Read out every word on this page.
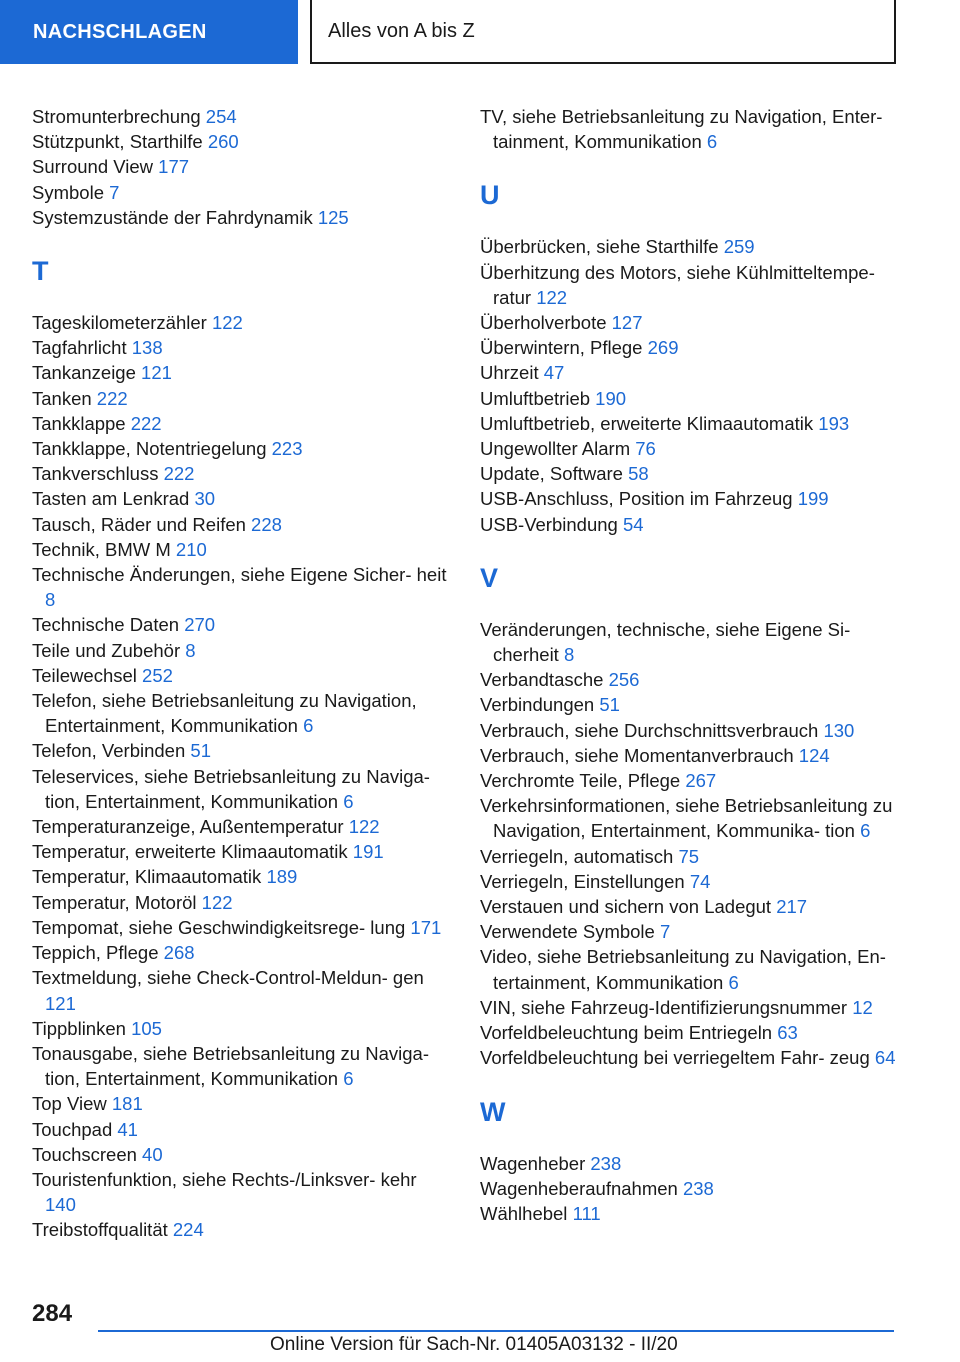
NACHSCHLAGEN	Alles von A bis Z
Stromunterbrechung 254
Stützpunkt, Starthilfe 260
Surround View 177
Symbole 7
Systemzustände der Fahrdynamik 125
T
Tageskilometerzähler 122
Tagfahrlicht 138
Tankanzeige 121
Tanken 222
Tankklappe 222
Tankklappe, Notentriegelung 223
Tankverschluss 222
Tasten am Lenkrad 30
Tausch, Räder und Reifen 228
Technik, BMW M 210
Technische Änderungen, siehe Eigene Sicher‐ heit 8
Technische Daten 270
Teile und Zubehör 8
Teilewechsel 252
Telefon, siehe Betriebsanleitung zu Navigation, Entertainment, Kommunikation 6
Telefon, Verbinden 51
Teleservices, siehe Betriebsanleitung zu Naviga‐ tion, Entertainment, Kommunikation 6
Temperaturanzeige, Außentemperatur 122
Temperatur, erweiterte Klimaautomatik 191
Temperatur, Klimaautomatik 189
Temperatur, Motoröl 122
Tempomat, siehe Geschwindigkeitsrege‐ lung 171
Teppich, Pflege 268
Textmeldung, siehe Check-Control-Meldun‐ gen 121
Tippblinken 105
Tonausgabe, siehe Betriebsanleitung zu Naviga‐ tion, Entertainment, Kommunikation 6
Top View 181
Touchpad 41
Touchscreen 40
Touristenfunktion, siehe Rechts-/Linksver‐ kehr 140
Treibstoffqualität 224
TV, siehe Betriebsanleitung zu Navigation, Enter‐ tainment, Kommunikation 6
U
Überbrücken, siehe Starthilfe 259
Überhitzung des Motors, siehe Kühlmitteltempe‐ ratur 122
Überholverbote 127
Überwintern, Pflege 269
Uhrzeit 47
Umluftbetrieb 190
Umluftbetrieb, erweiterte Klimaautomatik 193
Ungewollter Alarm 76
Update, Software 58
USB-Anschluss, Position im Fahrzeug 199
USB-Verbindung 54
V
Veränderungen, technische, siehe Eigene Si‐ cherheit 8
Verbandtasche 256
Verbindungen 51
Verbrauch, siehe Durchschnittsverbrauch 130
Verbrauch, siehe Momentanverbrauch 124
Verchromte Teile, Pflege 267
Verkehrsinformationen, siehe Betriebsanleitung zu Navigation, Entertainment, Kommunika‐ tion 6
Verriegeln, automatisch 75
Verriegeln, Einstellungen 74
Verstauen und sichern von Ladegut 217
Verwendete Symbole 7
Video, siehe Betriebsanleitung zu Navigation, En‐ tertainment, Kommunikation 6
VIN, siehe Fahrzeug-Identifizierungsnummer 12
Vorfeldbeleuchtung beim Entriegeln 63
Vorfeldbeleuchtung bei verriegeltem Fahr‐ zeug 64
W
Wagenheber 238
Wagenheberaufnahmen 238
Wählhebel 111
284
Online Version für Sach-Nr. 01405A03132 - II/20
